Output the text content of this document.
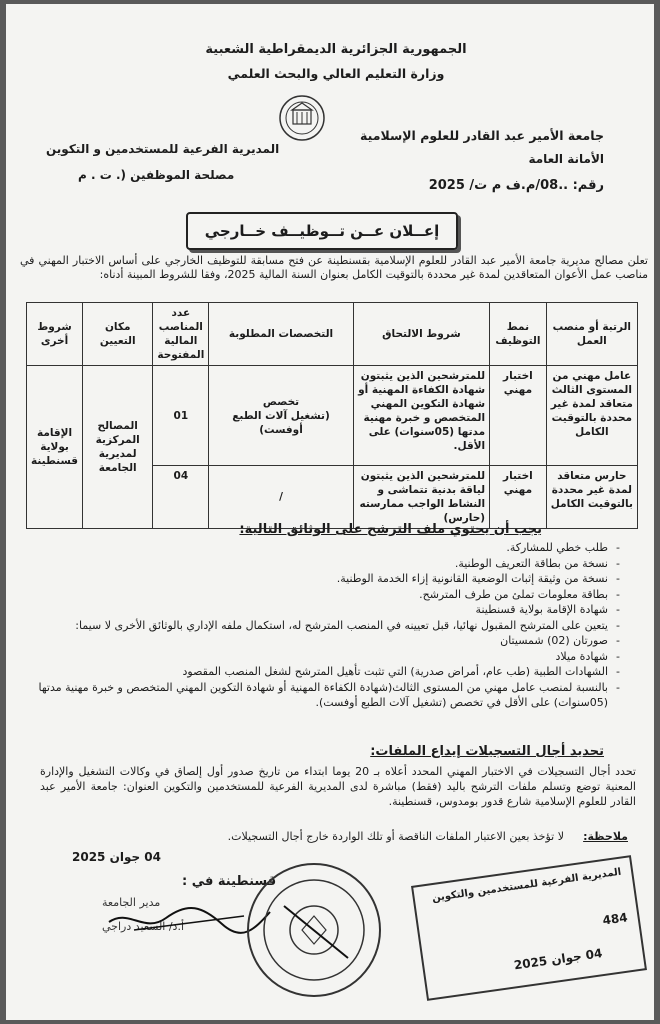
الجمهورية الجزائرية الديمقراطية الشعبية
وزارة التعليم العالي والبحث العلمي
جامعة الأمير عبد القادر للعلوم الإسلامية
الأمانة العامة
رقم: ..08/م.ف م ت/ 2025
المديرية الفرعية للمستخدمين و التكوين
مصلحة الموظفين (. ت . م
إعــلان عــن تــوظيــف خــارجي
تعلن مصالح مديرية جامعة الأمير عبد القادر للعلوم الإسلامية بقسنطينة عن فتح مسابقة للتوظيف الخارجي على أساس الاختبار المهني في مناصب عمل الأعوان المتعاقدين لمدة غير محددة بالتوقيت الكامل بعنوان السنة المالية 2025، وفقا للشروط المبينة أدناه:
الرتبة أو منصب العمل	نمط التوظيف	شروط الالتحاق	التخصصات المطلوبة	عدد المناصب المالية المفتوحة	مكان التعيين	شروط أخرى
عامل مهني من المستوى الثالث متعاقد لمدة غير محددة بالتوقيت الكامل	اختبار مهني	للمترشحين الذين يثبتون شهادة الكفاءة المهنية أو شهادة التكوين المهني المتخصص و خبرة مهنية مدتها (05سنوات) على الأقل.	تخصص
(تشغيل آلات الطبع أوفست)	01	المصالح المركزية لمديرية الجامعة	الإقامة بولاية قسنطينة
حارس متعاقد لمدة غير محددة بالتوقيت الكامل	اختبار مهني	للمترشحين الذين يثبتون لياقة بدنية تتماشى و النشاط الواجب ممارسته (حارس)	/	04		
يجب أن يحتوي ملف الترشح على الوثائق التالية:
- طلب خطي للمشاركة.
- نسخة من بطاقة التعريف الوطنية.
- نسخة من وثيقة إثبات الوضعية القانونية إزاء الخدمة الوطنية.
- بطاقة معلومات تملئ من طرف المترشح.
- شهادة الإقامة بولاية قسنطينة
- يتعين على المترشح المقبول نهائيا، قبل تعيينه في المنصب المترشح له، استكمال ملفه الإداري بالوثائق الأخرى لا سيما:
- صورتان (02) شمسيتان
- شهادة ميلاد
- الشهادات الطبية (طب عام، أمراض صدرية) التي تثبت تأهيل المترشح لشغل المنصب المقصود
- بالنسبة لمنصب عامل مهني من المستوى الثالث(شهادة الكفاءة المهنية أو شهادة التكوين المهني المتخصص و خبرة مهنية مدتها (05سنوات) على الأقل في تخصص (تشغيل آلات الطبع أوفست).
تحديد أجال التسجيلات إيداع الملفات:
تحدد أجال التسجيلات في الاختبار المهني المحدد أعلاه بـ 20 يوما ابتداء من تاريخ صدور أول إلصاق في وكالات التشغيل والإدارة المعنية توضع وتسلم ملفات الترشح باليد (فقط) مباشرة لدى المديرية الفرعية للمستخدمين والتكوين العنوان: جامعة الأمير عبد القادر للعلوم الإسلامية شارع قدور بومدوس، قسنطينة.
ملاحظة:
لا تؤخذ بعين الاعتبار الملفات الناقصة أو تلك الواردة خارج أجال التسجيلات.
04 جوان 2025
قسنطينة في :
مدير الجامعة
أ.د/ السعيد دراجي
المديرية الفرعية للمستخدمين والتكوين
484
04 جوان 2025
